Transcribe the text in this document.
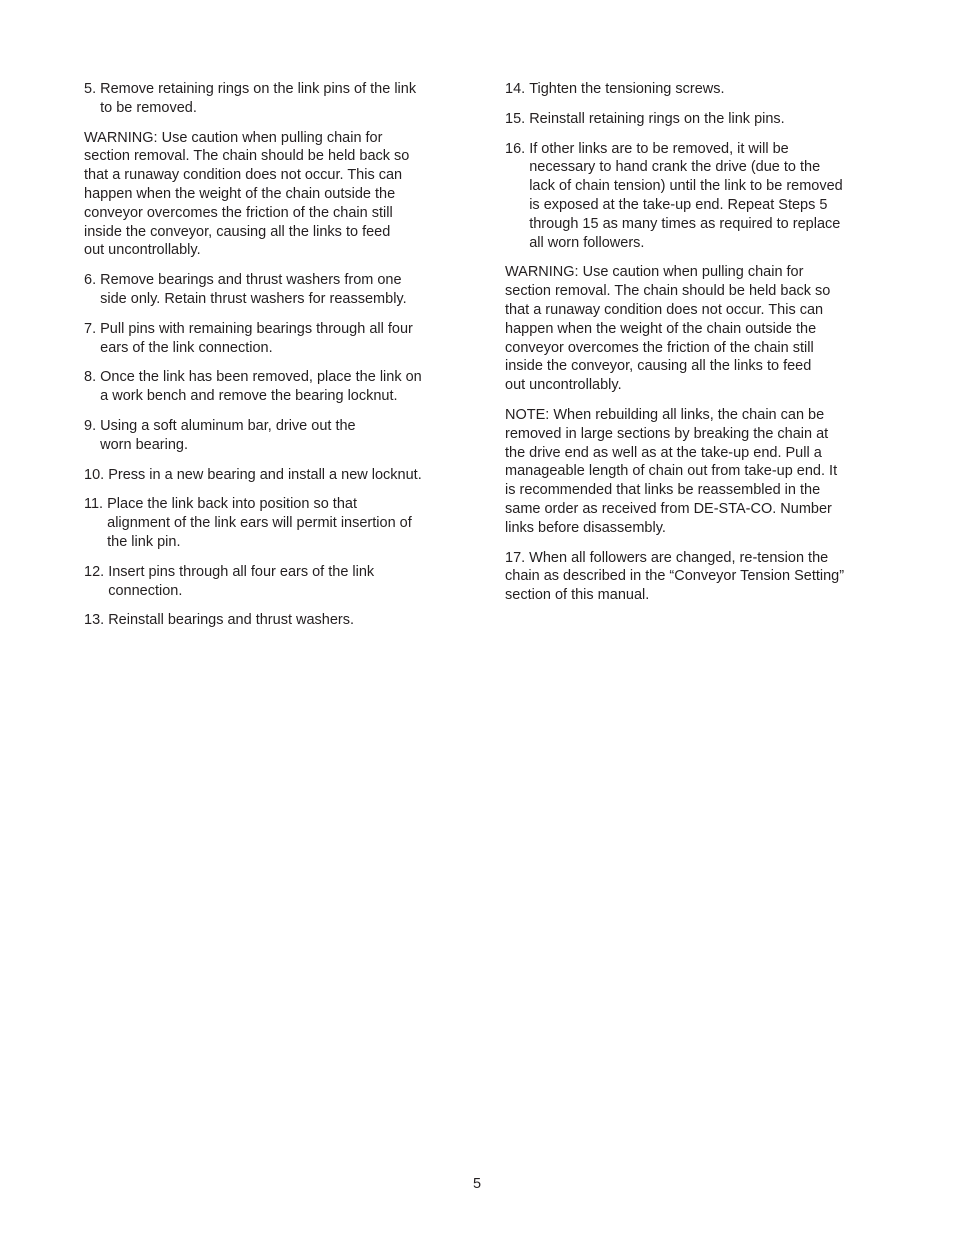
5.
Remove retaining rings on the link pins of the link
to be removed.

WARNING: Use caution when pulling chain for
section removal. The chain should be held back so
that a runaway condition does not occur. This can
happen when the weight of the chain outside the
conveyor overcomes the friction of the chain still
inside the conveyor, causing all the links to feed
out uncontrollably.

6.
Remove bearings and thrust washers from one
side only. Retain thrust washers for reassembly.
7.
Pull pins with remaining bearings through all four
ears of the link connection.
8.
Once the link has been removed, place the link on
a work bench and remove the bearing locknut.
9.
Using a soft aluminum bar, drive out the
worn bearing.
10.
Press in a new bearing and install a new locknut.
11.
Place the link back into position so that
alignment of the link ears will permit insertion of
the link pin.
12.
Insert pins through all four ears of the link
connection.
13.
Reinstall bearings and thrust washers.
14.
Tighten the tensioning screws.
15.
Reinstall retaining rings on the link pins.
16.
If other links are to be removed, it will be
necessary to hand crank the drive (due to the
lack of chain tension) until the link to be removed
is exposed at the take-up end. Repeat Steps 5
through 15 as many times as required to replace
all worn followers.

WARNING: Use caution when pulling chain for
section removal. The chain should be held back so
that a runaway condition does not occur. This can
happen when the weight of the chain outside the
conveyor overcomes the friction of the chain still
inside the conveyor, causing all the links to feed
out uncontrollably.

NOTE: When rebuilding all links, the chain can be
removed in large sections by breaking the chain at
the drive end as well as at the take-up end. Pull a
manageable length of chain out from take-up end. It
is recommended that links be reassembled in the
same order as received from DE-STA-CO. Number
links before disassembly.

17. When all followers are changed, re-tension the
chain as described in the “Conveyor Tension Setting”
section of this manual.

5
